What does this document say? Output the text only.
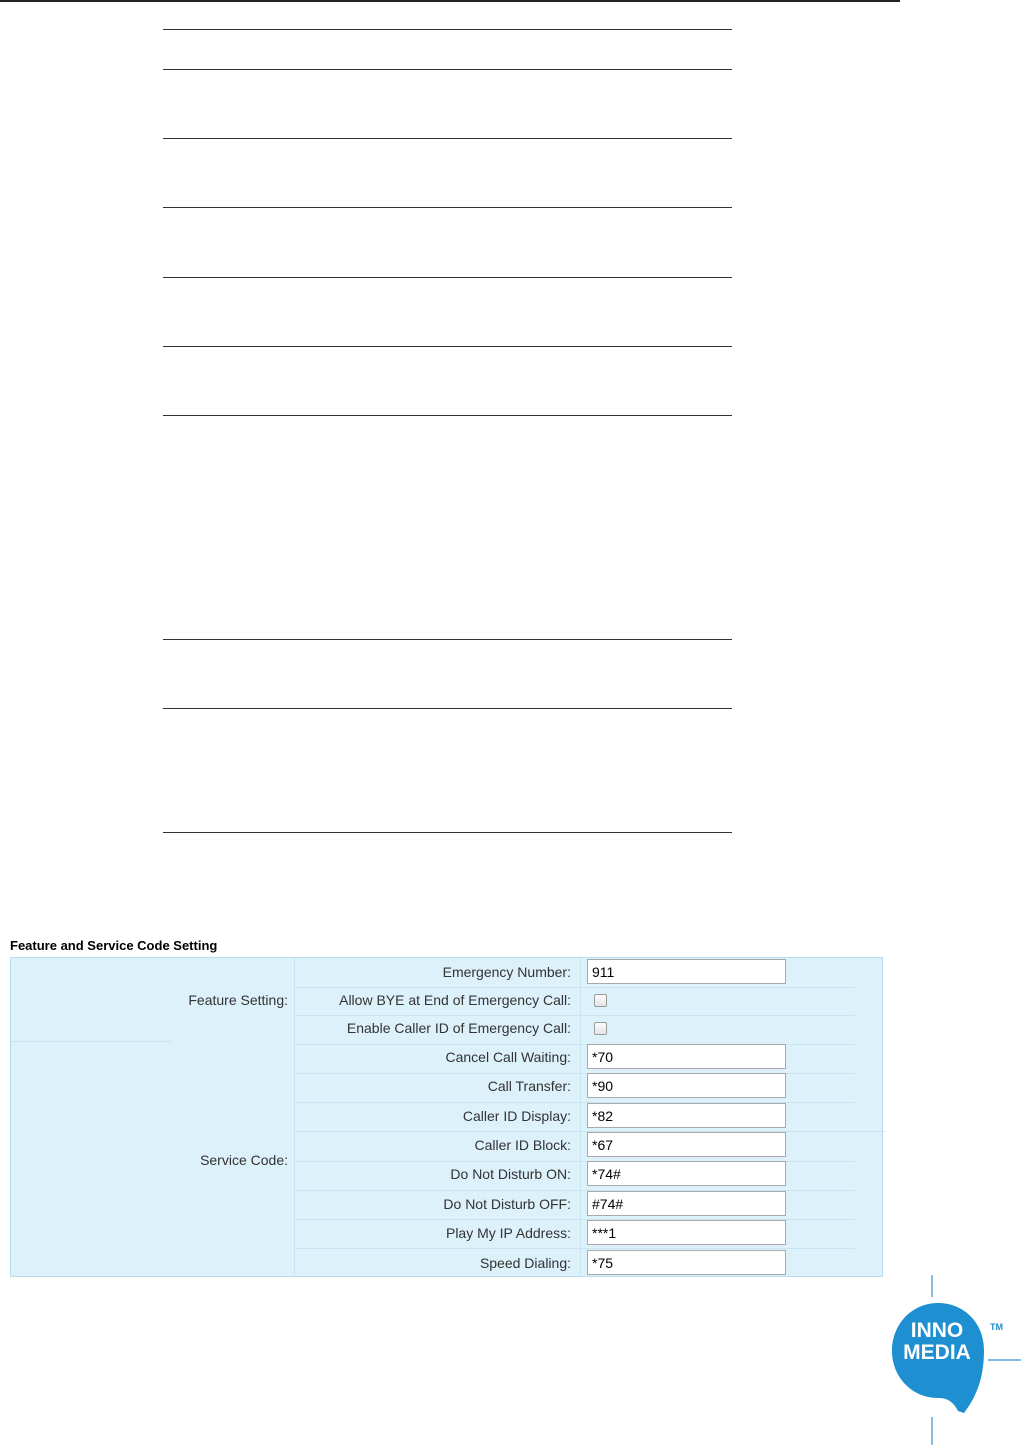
Feature and Service Code Setting
Feature Setting:
Service Code:
Emergency Number:
911
Allow BYE at End of Emergency Call:
Enable Caller ID of Emergency Call:
Cancel Call Waiting:
*70
Call Transfer:
*90
Caller ID Display:
*82
Caller ID Block:
*67
Do Not Disturb ON:
*74#
Do Not Disturb OFF:
#74#
Play My IP Address:
***1
Speed Dialing:
*75
INNO
MEDIA
TM
